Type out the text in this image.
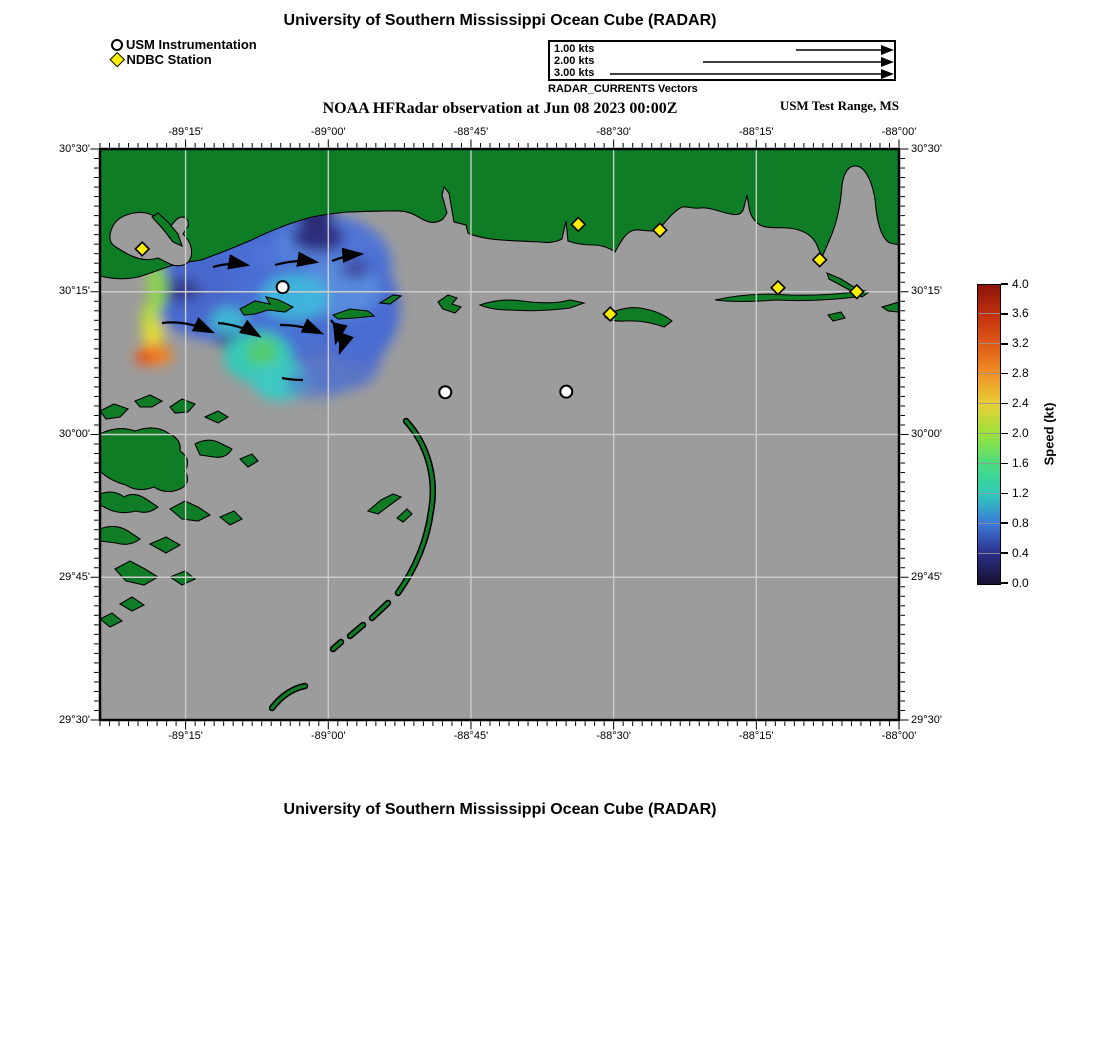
University of Southern Mississippi Ocean Cube (RADAR)
USM Instrumentation
NDBC Station
1.00 kts
2.00 kts
3.00 kts
RADAR_CURRENTS Vectors
NOAA HFRadar observation at Jun 08 2023 00:00Z	USM Test Range, MS
-89°15'
-89°15'
-89°00'
-89°00'
-88°45'
-88°45'
-88°30'
-88°30'
-88°15'
-88°15'
-88°00'
-88°00'
30°30'	30°30'
30°15'	30°15'
30°00'	30°00'
29°45'	29°45'
29°30'	29°30'
4.0
3.6
3.2
2.8
2.4
2.0
1.6
1.2
0.8
0.4
0.0
Speed (kt)
University of Southern Mississippi Ocean Cube (RADAR)
